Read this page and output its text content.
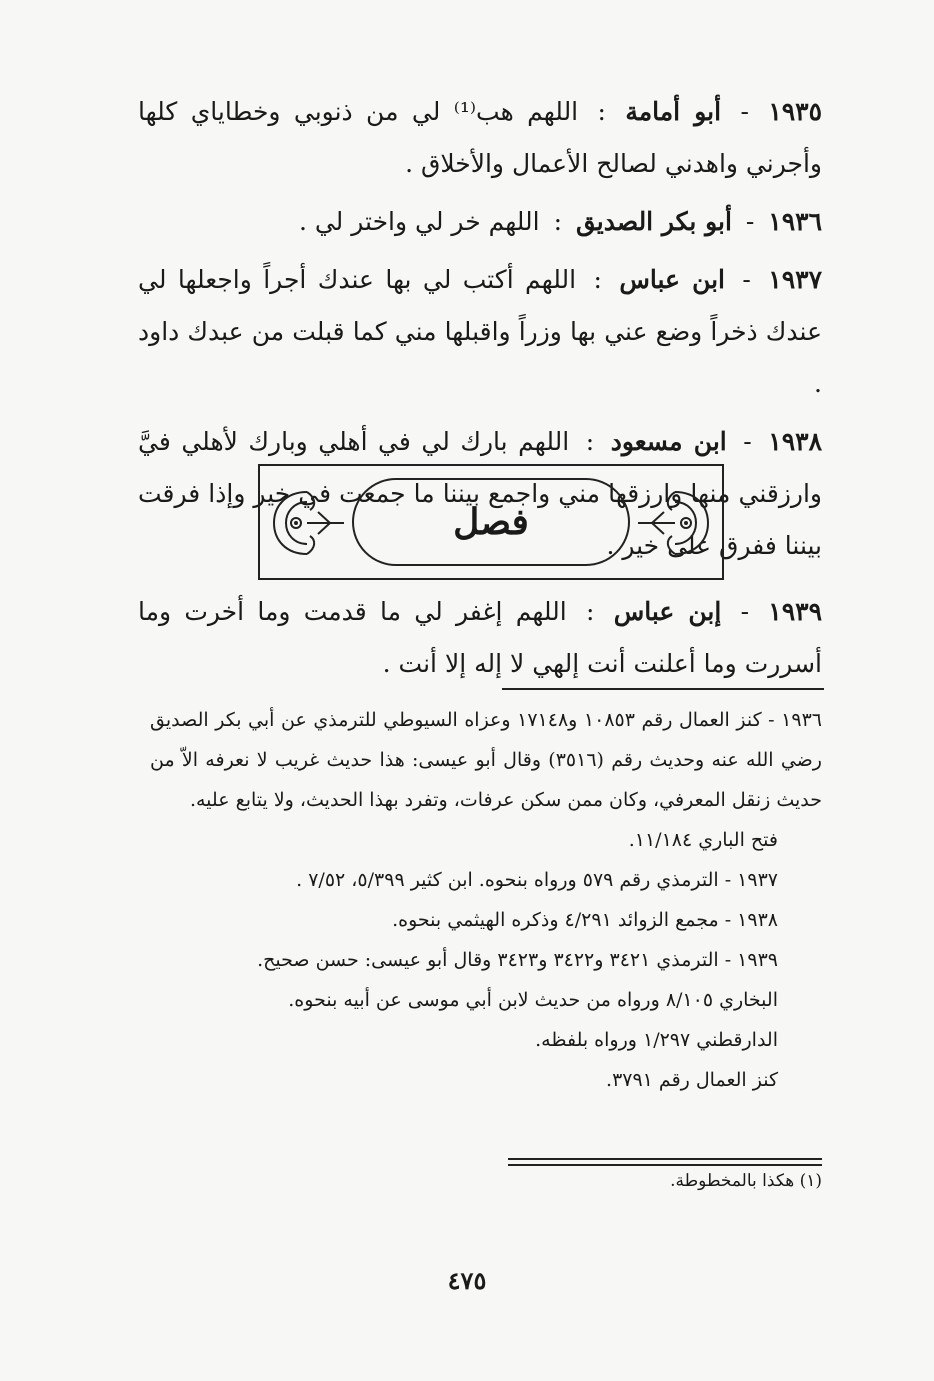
١٩٣٥ - أبو أمامة : اللهم هب⁽¹⁾ لي من ذنوبي وخطاياي كلها وأجرني واهدني لصالح الأعمال والأخلاق .

١٩٣٦ - أبو بكر الصديق : اللهم خر لي واختر لي .

١٩٣٧ - ابن عباس : اللهم أكتب لي بها عندك أجراً واجعلها لي عندك ذخراً وضع عني بها وزراً واقبلها مني كما قبلت من عبدك داود .

١٩٣٨ - ابن مسعود : اللهم بارك لي في أهلي وبارك لأهلي فيَّ وارزقني منها وارزقها مني واجمع بيننا ما جمعت في خير وإذا فرقت بيننا ففرق على خير .

فصل

١٩٣٩ - إبن عباس : اللهم إغفر لي ما قدمت وما أخرت وما أسررت وما أعلنت أنت إلهي لا إله إلا أنت .

١٩٣٦ - كنز العمال رقم ١٠٨٥٣ و١٧١٤٨ وعزاه السيوطي للترمذي عن أبي بكر الصديق رضي الله عنه وحديث رقم (٣٥١٦) وقال أبو عيسى: هذا حديث غريب لا نعرفه الاّ من حديث زنقل المعرفي، وكان ممن سكن عرفات، وتفرد بهذا الحديث، ولا يتابع عليه.

فتح الباري ١١/١٨٤.

١٩٣٧ - الترمذي رقم ٥٧٩ ورواه بنحوه. ابن كثير ٥/٣٩٩، ٧/٥٢ .

١٩٣٨ - مجمع الزوائد ٤/٢٩١ وذكره الهيثمي بنحوه.

١٩٣٩ - الترمذي ٣٤٢١ و٣٤٢٢ و٣٤٢٣ وقال أبو عيسى: حسن صحيح.

البخاري ٨/١٠٥ ورواه من حديث لابن أبي موسى عن أبيه بنحوه.

الدارقطني ١/٢٩٧ ورواه بلفظه.

كنز العمال رقم ٣٧٩١.

(١) هكذا بالمخطوطة.
٤٧٥
